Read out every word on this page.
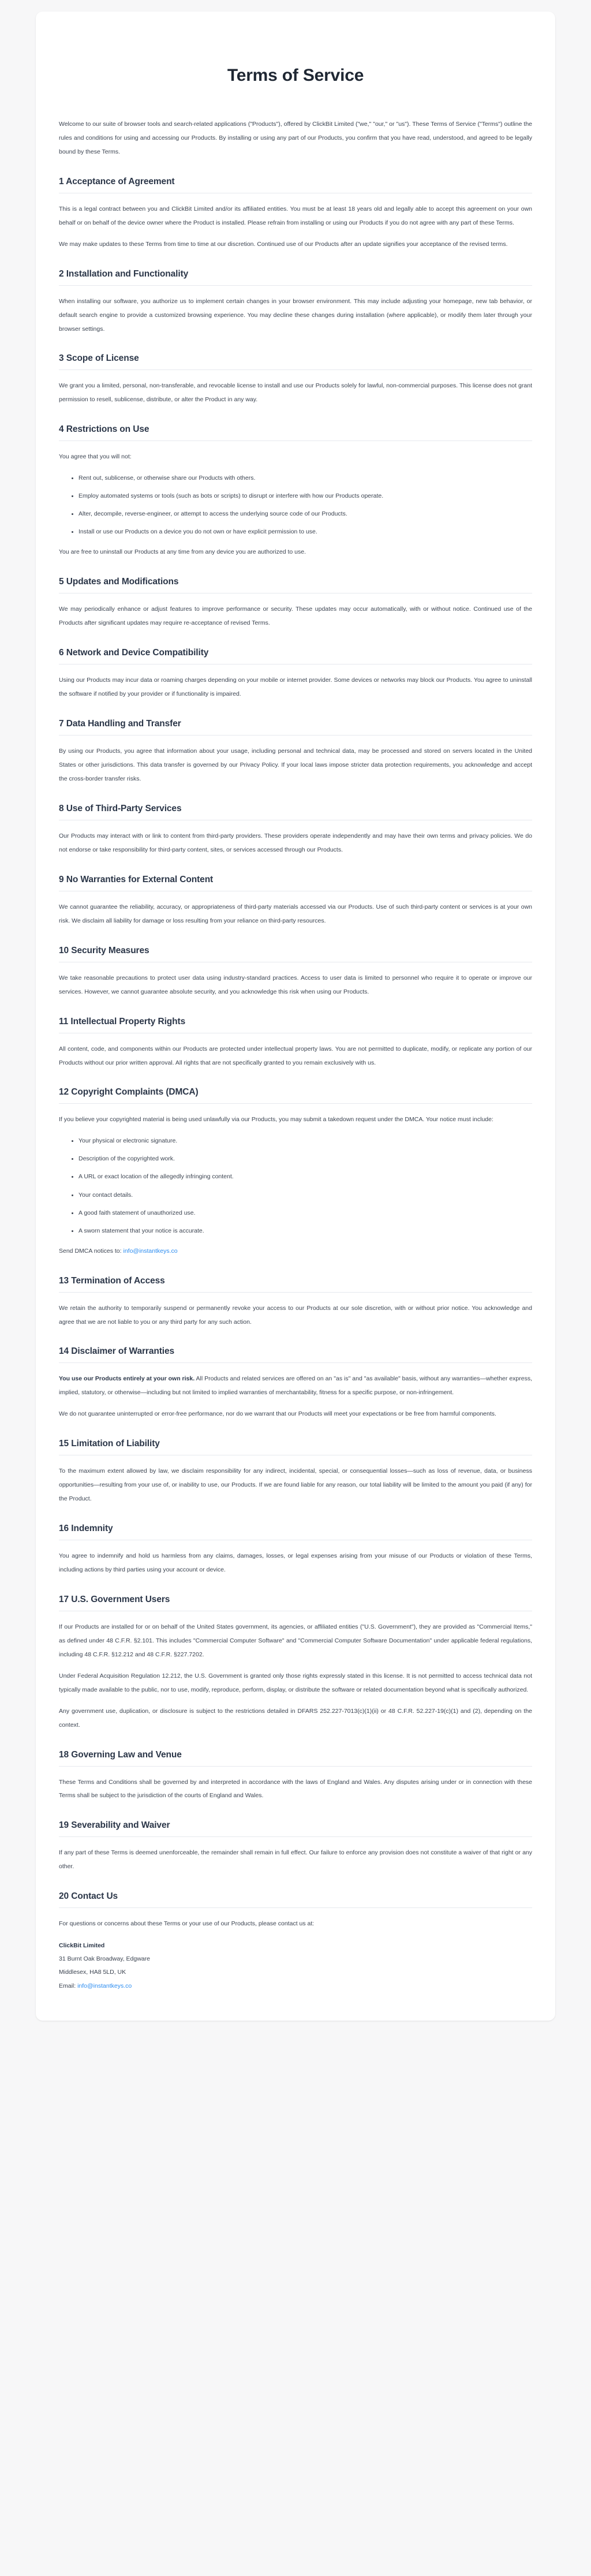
Terms of Service

Welcome to our suite of browser tools and search-related applications ("Products"), offered by ClickBit Limited ("we," "our," or "us"). These Terms of Service ("Terms") outline the rules and conditions for using and accessing our Products. By installing or using any part of our Products, you confirm that you have read, understood, and agreed to be legally bound by these Terms.

1 Acceptance of Agreement

This is a legal contract between you and ClickBit Limited and/or its affiliated entities. You must be at least 18 years old and legally able to accept this agreement on your own behalf or on behalf of the device owner where the Product is installed. Please refrain from installing or using our Products if you do not agree with any part of these Terms.

We may make updates to these Terms from time to time at our discretion. Continued use of our Products after an update signifies your acceptance of the revised terms.

2 Installation and Functionality

When installing our software, you authorize us to implement certain changes in your browser environment. This may include adjusting your homepage, new tab behavior, or default search engine to provide a customized browsing experience. You may decline these changes during installation (where applicable), or modify them later through your browser settings.

3 Scope of License

We grant you a limited, personal, non-transferable, and revocable license to install and use our Products solely for lawful, non-commercial purposes. This license does not grant permission to resell, sublicense, distribute, or alter the Product in any way.

4 Restrictions on Use

You agree that you will not:

Rent out, sublicense, or otherwise share our Products with others.
Employ automated systems or tools (such as bots or scripts) to disrupt or interfere with how our Products operate.
Alter, decompile, reverse-engineer, or attempt to access the underlying source code of our Products.
Install or use our Products on a device you do not own or have explicit permission to use.

You are free to uninstall our Products at any time from any device you are authorized to use.

5 Updates and Modifications

We may periodically enhance or adjust features to improve performance or security. These updates may occur automatically, with or without notice. Continued use of the Products after significant updates may require re-acceptance of revised Terms.

6 Network and Device Compatibility

Using our Products may incur data or roaming charges depending on your mobile or internet provider. Some devices or networks may block our Products. You agree to uninstall the software if notified by your provider or if functionality is impaired.

7 Data Handling and Transfer

By using our Products, you agree that information about your usage, including personal and technical data, may be processed and stored on servers located in the United States or other jurisdictions. This data transfer is governed by our Privacy Policy. If your local laws impose stricter data protection requirements, you acknowledge and accept the cross-border transfer risks.

8 Use of Third-Party Services

Our Products may interact with or link to content from third-party providers. These providers operate independently and may have their own terms and privacy policies. We do not endorse or take responsibility for third-party content, sites, or services accessed through our Products.

9 No Warranties for External Content

We cannot guarantee the reliability, accuracy, or appropriateness of third-party materials accessed via our Products. Use of such third-party content or services is at your own risk. We disclaim all liability for damage or loss resulting from your reliance on third-party resources.

10 Security Measures

We take reasonable precautions to protect user data using industry-standard practices. Access to user data is limited to personnel who require it to operate or improve our services. However, we cannot guarantee absolute security, and you acknowledge this risk when using our Products.

11 Intellectual Property Rights

All content, code, and components within our Products are protected under intellectual property laws. You are not permitted to duplicate, modify, or replicate any portion of our Products without our prior written approval. All rights that are not specifically granted to you remain exclusively with us.

12 Copyright Complaints (DMCA)

If you believe your copyrighted material is being used unlawfully via our Products, you may submit a takedown request under the DMCA. Your notice must include:

Your physical or electronic signature.
Description of the copyrighted work.
A URL or exact location of the allegedly infringing content.
Your contact details.
A good faith statement of unauthorized use.
A sworn statement that your notice is accurate.

Send DMCA notices to: info@instantkeys.co

13 Termination of Access

We retain the authority to temporarily suspend or permanently revoke your access to our Products at our sole discretion, with or without prior notice. You acknowledge and agree that we are not liable to you or any third party for any such action.

14 Disclaimer of Warranties

You use our Products entirely at your own risk. All Products and related services are offered on an "as is" and "as available" basis, without any warranties—whether express, implied, statutory, or otherwise—including but not limited to implied warranties of merchantability, fitness for a specific purpose, or non-infringement.

We do not guarantee uninterrupted or error-free performance, nor do we warrant that our Products will meet your expectations or be free from harmful components.

15 Limitation of Liability

To the maximum extent allowed by law, we disclaim responsibility for any indirect, incidental, special, or consequential losses—such as loss of revenue, data, or business opportunities—resulting from your use of, or inability to use, our Products. If we are found liable for any reason, our total liability will be limited to the amount you paid (if any) for the Product.

16 Indemnity

You agree to indemnify and hold us harmless from any claims, damages, losses, or legal expenses arising from your misuse of our Products or violation of these Terms, including actions by third parties using your account or device.

17 U.S. Government Users

If our Products are installed for or on behalf of the United States government, its agencies, or affiliated entities ("U.S. Government"), they are provided as "Commercial Items," as defined under 48 C.F.R. §2.101. This includes "Commercial Computer Software" and "Commercial Computer Software Documentation" under applicable federal regulations, including 48 C.F.R. §12.212 and 48 C.F.R. §227.7202.

Under Federal Acquisition Regulation 12.212, the U.S. Government is granted only those rights expressly stated in this license. It is not permitted to access technical data not typically made available to the public, nor to use, modify, reproduce, perform, display, or distribute the software or related documentation beyond what is specifically authorized.

Any government use, duplication, or disclosure is subject to the restrictions detailed in DFARS 252.227-7013(c)(1)(ii) or 48 C.F.R. 52.227-19(c)(1) and (2), depending on the context.

18 Governing Law and Venue

These Terms and Conditions shall be governed by and interpreted in accordance with the laws of England and Wales. Any disputes arising under or in connection with these Terms shall be subject to the jurisdiction of the courts of England and Wales.

19 Severability and Waiver

If any part of these Terms is deemed unenforceable, the remainder shall remain in full effect. Our failure to enforce any provision does not constitute a waiver of that right or any other.

20 Contact Us

For questions or concerns about these Terms or your use of our Products, please contact us at:

ClickBit Limited

31 Burnt Oak Broadway, Edgware

Middlesex, HA8 5LD, UK

Email: info@instantkeys.co
